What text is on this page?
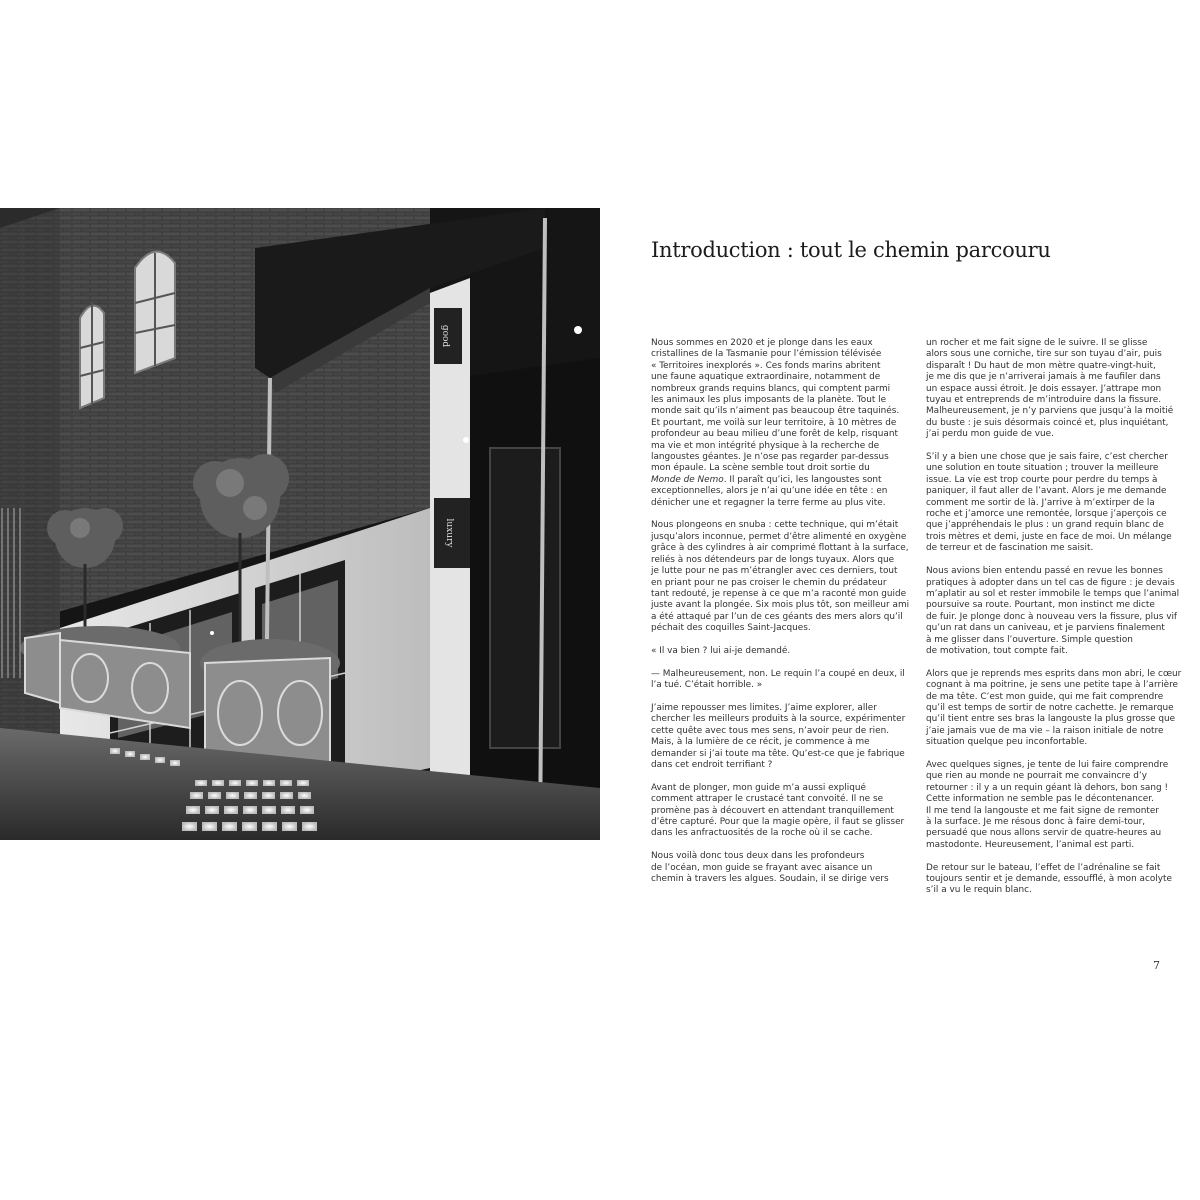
good
luxury
Introduction : tout le chemin parcouru

Nous sommes en 2020 et je plonge dans les eaux
cristallines de la Tasmanie pour l’émission télévisée
« Territoires inexplorés ». Ces fonds marins abritent
une faune aquatique extraordinaire, notamment de
nombreux grands requins blancs, qui comptent parmi
les animaux les plus imposants de la planète. Tout le
monde sait qu’ils n’aiment pas beaucoup être taquinés.
Et pourtant, me voilà sur leur territoire, à 10 mètres de
profondeur au beau milieu d’une forêt de kelp, risquant
ma vie et mon intégrité physique à la recherche de
langoustes géantes. Je n’ose pas regarder par-dessus
mon épaule. La scène semble tout droit sortie du
Monde de Nemo. Il paraît qu’ici, les langoustes sont
exceptionnelles, alors je n’ai qu’une idée en tête : en
dénicher une et regagner la terre ferme au plus vite.

Nous plongeons en snuba : cette technique, qui m’était
jusqu’alors inconnue, permet d’être alimenté en oxygène
grâce à des cylindres à air comprimé flottant à la surface,
reliés à nos détendeurs par de longs tuyaux. Alors que
je lutte pour ne pas m’étrangler avec ces derniers, tout
en priant pour ne pas croiser le chemin du prédateur
tant redouté, je repense à ce que m’a raconté mon guide
juste avant la plongée. Six mois plus tôt, son meilleur ami
a été attaqué par l’un de ces géants des mers alors qu’il
péchait des coquilles Saint-Jacques.

« Il va bien ? lui ai-je demandé.

— Malheureusement, non. Le requin l’a coupé en deux, il
l’a tué. C’était horrible. »

J’aime repousser mes limites. J’aime explorer, aller
chercher les meilleurs produits à la source, expérimenter
cette quête avec tous mes sens, n’avoir peur de rien.
Mais, à la lumière de ce récit, je commence à me
demander si j’ai toute ma tête. Qu’est-ce que je fabrique
dans cet endroit terrifiant ?

Avant de plonger, mon guide m’a aussi expliqué
comment attraper le crustacé tant convoité. Il ne se
promène pas à découvert en attendant tranquillement
d’être capturé. Pour que la magie opère, il faut se glisser
dans les anfractuosités de la roche où il se cache.

Nous voilà donc tous deux dans les profondeurs
de l’océan, mon guide se frayant avec aisance un
chemin à travers les algues. Soudain, il se dirige vers

un rocher et me fait signe de le suivre. Il se glisse
alors sous une corniche, tire sur son tuyau d’air, puis
disparaît ! Du haut de mon mètre quatre-vingt-huit,
je me dis que je n’arriverai jamais à me faufiler dans
un espace aussi étroit. Je dois essayer. J’attrape mon
tuyau et entreprends de m’introduire dans la fissure.
Malheureusement, je n’y parviens que jusqu’à la moitié
du buste : je suis désormais coincé et, plus inquiétant,
j’ai perdu mon guide de vue.

S’il y a bien une chose que je sais faire, c’est chercher
une solution en toute situation ; trouver la meilleure
issue. La vie est trop courte pour perdre du temps à
paniquer, il faut aller de l’avant. Alors je me demande
comment me sortir de là. J’arrive à m’extirper de la
roche et j’amorce une remontée, lorsque j’aperçois ce
que j’appréhendais le plus : un grand requin blanc de
trois mètres et demi, juste en face de moi. Un mélange
de terreur et de fascination me saisit.

Nous avions bien entendu passé en revue les bonnes
pratiques à adopter dans un tel cas de figure : je devais
m’aplatir au sol et rester immobile le temps que l’animal
poursuive sa route. Pourtant, mon instinct me dicte
de fuir. Je plonge donc à nouveau vers la fissure, plus vif
qu’un rat dans un caniveau, et je parviens finalement
à me glisser dans l’ouverture. Simple question
de motivation, tout compte fait.

Alors que je reprends mes esprits dans mon abri, le cœur
cognant à ma poitrine, je sens une petite tape à l’arrière
de ma tête. C’est mon guide, qui me fait comprendre
qu’il est temps de sortir de notre cachette. Je remarque
qu’il tient entre ses bras la langouste la plus grosse que
j’aie jamais vue de ma vie – la raison initiale de notre
situation quelque peu inconfortable.

Avec quelques signes, je tente de lui faire comprendre
que rien au monde ne pourrait me convaincre d’y
retourner : il y a un requin géant là dehors, bon sang !
Cette information ne semble pas le décontenancer.
Il me tend la langouste et me fait signe de remonter
à la surface. Je me résous donc à faire demi-tour,
persuadé que nous allons servir de quatre-heures au
mastodonte. Heureusement, l’animal est parti.

De retour sur le bateau, l’effet de l’adrénaline se fait
toujours sentir et je demande, essoufflé, à mon acolyte
s’il a vu le requin blanc.

7
